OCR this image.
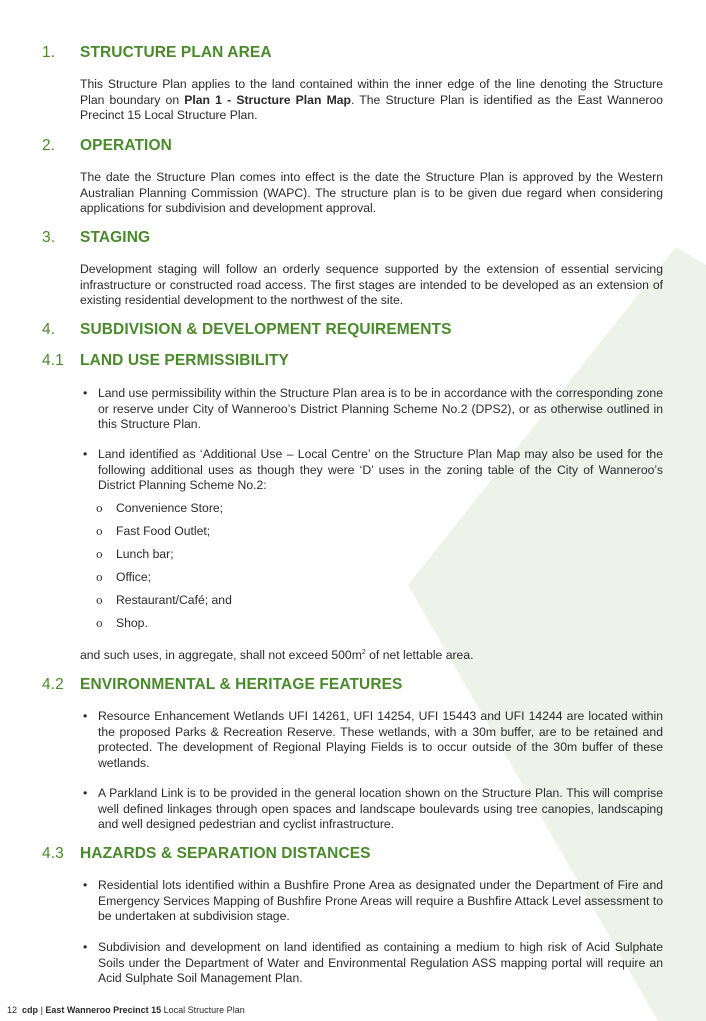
1. STRUCTURE PLAN AREA

This Structure Plan applies to the land contained within the inner edge of the line denoting the Structure Plan boundary on Plan 1 - Structure Plan Map. The Structure Plan is identified as the East Wanneroo Precinct 15 Local Structure Plan.

2. OPERATION

The date the Structure Plan comes into effect is the date the Structure Plan is approved by the Western Australian Planning Commission (WAPC). The structure plan is to be given due regard when considering applications for subdivision and development approval.

3. STAGING

Development staging will follow an orderly sequence supported by the extension of essential servicing infrastructure or constructed road access. The first stages are intended to be developed as an extension of existing residential development to the northwest of the site.

4. SUBDIVISION & DEVELOPMENT REQUIREMENTS
4.1 LAND USE PERMISSIBILITY
• Land use permissibility within the Structure Plan area is to be in accordance with the corresponding zone or reserve under City of Wanneroo’s District Planning Scheme No.2 (DPS2), or as otherwise outlined in this Structure Plan.
• Land identified as ‘Additional Use – Local Centre’ on the Structure Plan Map may also be used for the following additional uses as though they were ‘D’ uses in the zoning table of the City of Wanneroo’s District Planning Scheme No.2:
o Convenience Store;
o Fast Food Outlet;
o Lunch bar;
o Office;
o Restaurant/Café; and
o Shop.

and such uses, in aggregate, shall not exceed $500m^2$ of net lettable area.

4.2 ENVIRONMENTAL & HERITAGE FEATURES
• Resource Enhancement Wetlands UFI 14261, UFI 14254, UFI 15443 and UFI 14244 are located within the proposed Parks & Recreation Reserve. These wetlands, with a 30m buffer, are to be retained and protected. The development of Regional Playing Fields is to occur outside of the 30m buffer of these wetlands.
• A Parkland Link is to be provided in the general location shown on the Structure Plan. This will comprise well defined linkages through open spaces and landscape boulevards using tree canopies, landscaping and well designed pedestrian and cyclist infrastructure.
4.3 HAZARDS & SEPARATION DISTANCES
• Residential lots identified within a Bushfire Prone Area as designated under the Department of Fire and Emergency Services Mapping of Bushfire Prone Areas will require a Bushfire Attack Level assessment to be undertaken at subdivision stage.
• Subdivision and development on land identified as containing a medium to high risk of Acid Sulphate Soils under the Department of Water and Environmental Regulation ASS mapping portal will require an Acid Sulphate Soil Management Plan.
12 cdp | East Wanneroo Precinct 15 Local Structure Plan
